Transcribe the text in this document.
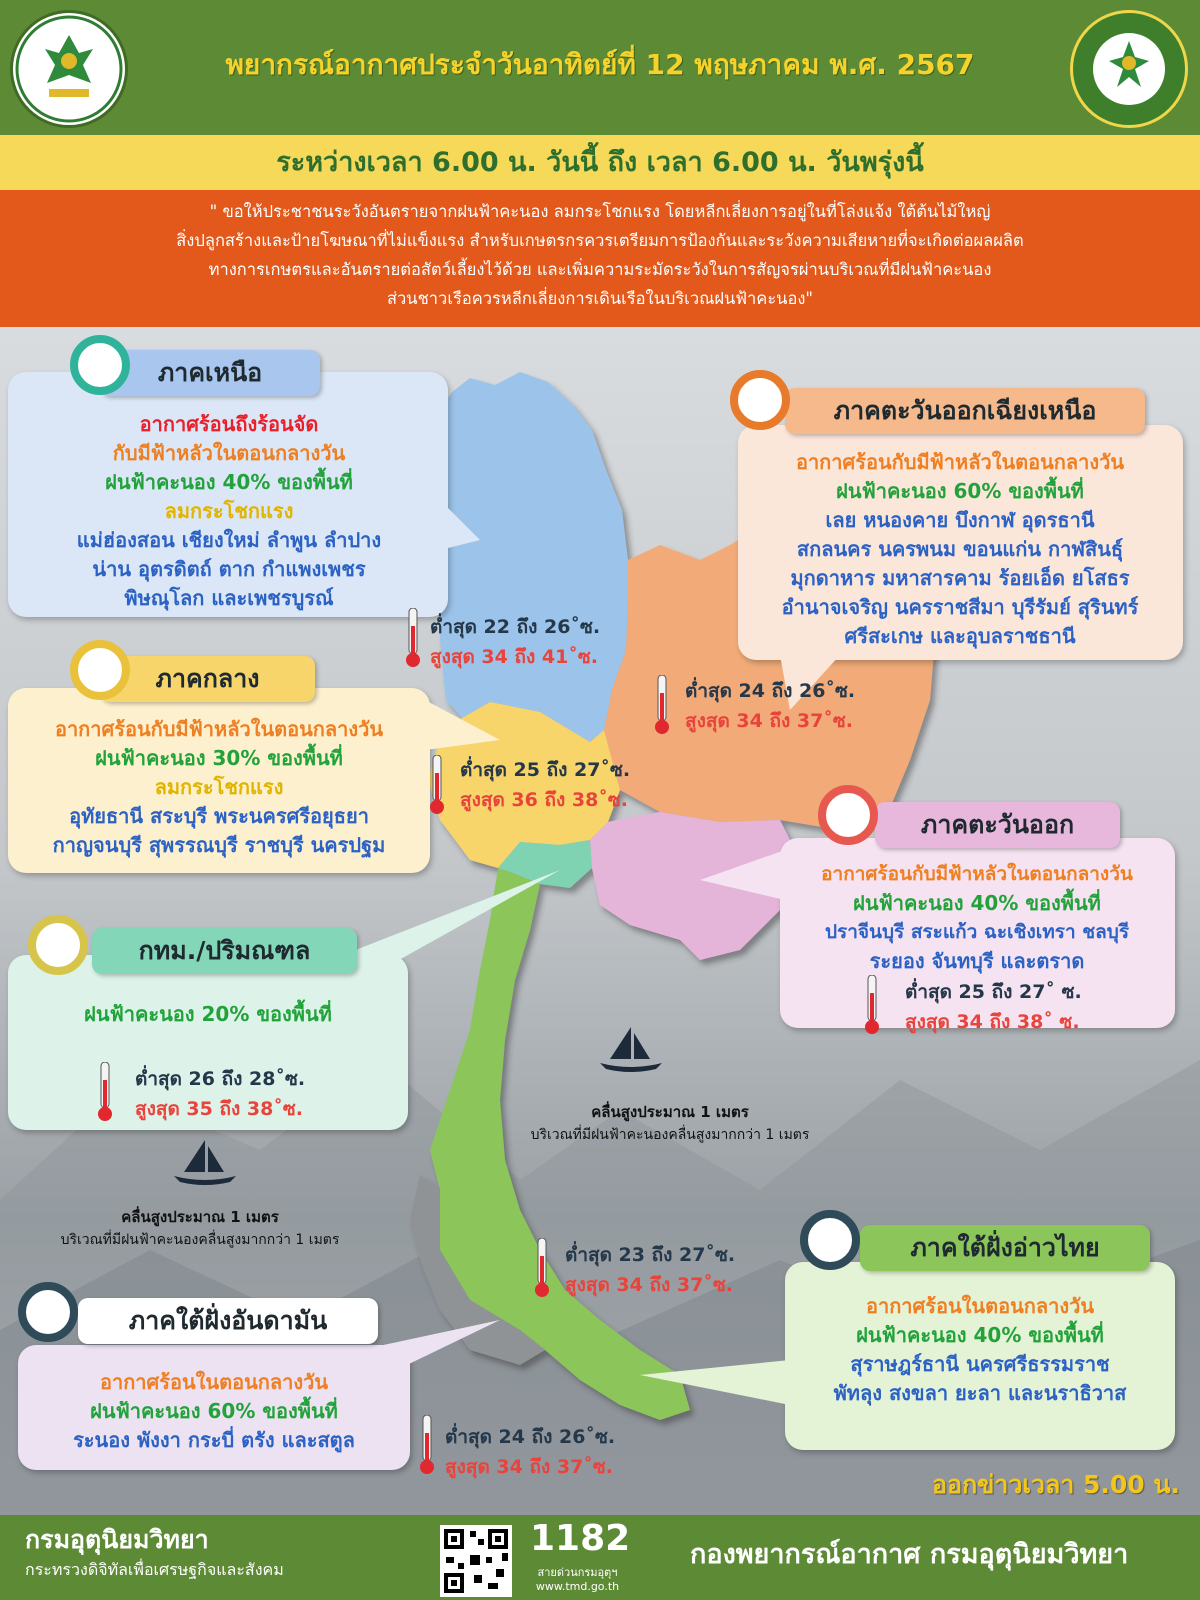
พยากรณ์อากาศประจำวันอาทิตย์ที่ 12 พฤษภาคม พ.ศ. 2567
ระหว่างเวลา 6.00 น. วันนี้ ถึง เวลา 6.00 น. วันพรุ่งนี้
" ขอให้ประชาชนระวังอันตรายจากฝนฟ้าคะนอง ลมกระโชกแรง โดยหลีกเลี่ยงการอยู่ในที่โล่งแจ้ง ใต้ต้นไม้ใหญ่
สิ่งปลูกสร้างและป้ายโฆษณาที่ไม่แข็งแรง สำหรับเกษตรกรควรเตรียมการป้องกันและระวังความเสียหายที่จะเกิดต่อผลผลิต
ทางการเกษตรและอันตรายต่อสัตว์เลี้ยงไว้ด้วย และเพิ่มความระมัดระวังในการสัญจรผ่านบริเวณที่มีฝนฟ้าคะนอง
ส่วนชาวเรือควรหลีกเลี่ยงการเดินเรือในบริเวณฝนฟ้าคะนอง"
ภาคเหนือ
อากาศร้อนถึงร้อนจัด
กับมีฟ้าหลัวในตอนกลางวัน
ฝนฟ้าคะนอง 40% ของพื้นที่
ลมกระโชกแรง
แม่ฮ่องสอน เชียงใหม่ ลำพูน ลำปาง
น่าน อุตรดิตถ์ ตาก กำแพงเพชร
พิษณุโลก และเพชรบูรณ์
ต่ำสุด 22 ถึง 26˚ซ.
สูงสุด 34 ถึง 41˚ซ.
ภาคตะวันออกเฉียงเหนือ
อากาศร้อนกับมีฟ้าหลัวในตอนกลางวัน
ฝนฟ้าคะนอง 60% ของพื้นที่
เลย หนองคาย บึงกาฬ อุดรธานี
สกลนคร นครพนม ขอนแก่น กาฬสินธุ์
มุกดาหาร มหาสารคาม ร้อยเอ็ด ยโสธร
อำนาจเจริญ นครราชสีมา บุรีรัมย์ สุรินทร์
ศรีสะเกษ และอุบลราชธานี
ต่ำสุด 24 ถึง 26˚ซ.
สูงสุด 34 ถึง 37˚ซ.
ภาคกลาง
อากาศร้อนกับมีฟ้าหลัวในตอนกลางวัน
ฝนฟ้าคะนอง 30% ของพื้นที่
ลมกระโชกแรง
อุทัยธานี สระบุรี พระนครศรีอยุธยา
กาญจนบุรี สุพรรณบุรี ราชบุรี นครปฐม
ต่ำสุด 25 ถึง 27˚ซ.
สูงสุด 36 ถึง 38˚ซ.
ภาคตะวันออก
อากาศร้อนกับมีฟ้าหลัวในตอนกลางวัน
ฝนฟ้าคะนอง 40% ของพื้นที่
ปราจีนบุรี สระแก้ว ฉะเชิงเทรา ชลบุรี
ระยอง จันทบุรี และตราด
ต่ำสุด 25 ถึง 27˚ ซ.
สูงสุด 34 ถึง 38˚ ซ.
กทม./ปริมณฑล
ฝนฟ้าคะนอง 20% ของพื้นที่
ต่ำสุด 26 ถึง 28˚ซ.
สูงสุด 35 ถึง 38˚ซ.	คลื่นสูงประมาณ 1 เมตร
บริเวณที่มีฝนฟ้าคะนองคลื่นสูงมากกว่า 1 เมตร
คลื่นสูงประมาณ 1 เมตร
บริเวณที่มีฝนฟ้าคะนองคลื่นสูงมากกว่า 1 เมตร
ต่ำสุด 23 ถึง 27˚ซ.
สูงสุด 34 ถึง 37˚ซ.
ภาคใต้ฝั่งอ่าวไทย
อากาศร้อนในตอนกลางวัน
ฝนฟ้าคะนอง 40% ของพื้นที่
สุราษฎร์ธานี นครศรีธรรมราช
พัทลุง สงขลา ยะลา และนราธิวาส
ภาคใต้ฝั่งอันดามัน
อากาศร้อนในตอนกลางวัน
ฝนฟ้าคะนอง 60% ของพื้นที่
ระนอง พังงา กระบี่ ตรัง และสตูล	ต่ำสุด 24 ถึง 26˚ซ.
สูงสุด 34 ถึง 37˚ซ.
ออกข่าวเวลา 5.00 น.
กรมอุตุนิยมวิทยา
กระทรวงดิจิทัลเพื่อเศรษฐกิจและสังคม
1182
สายด่วนกรมอุตุฯ
www.tmd.go.th
กองพยากรณ์อากาศ กรมอุตุนิยมวิทยา
